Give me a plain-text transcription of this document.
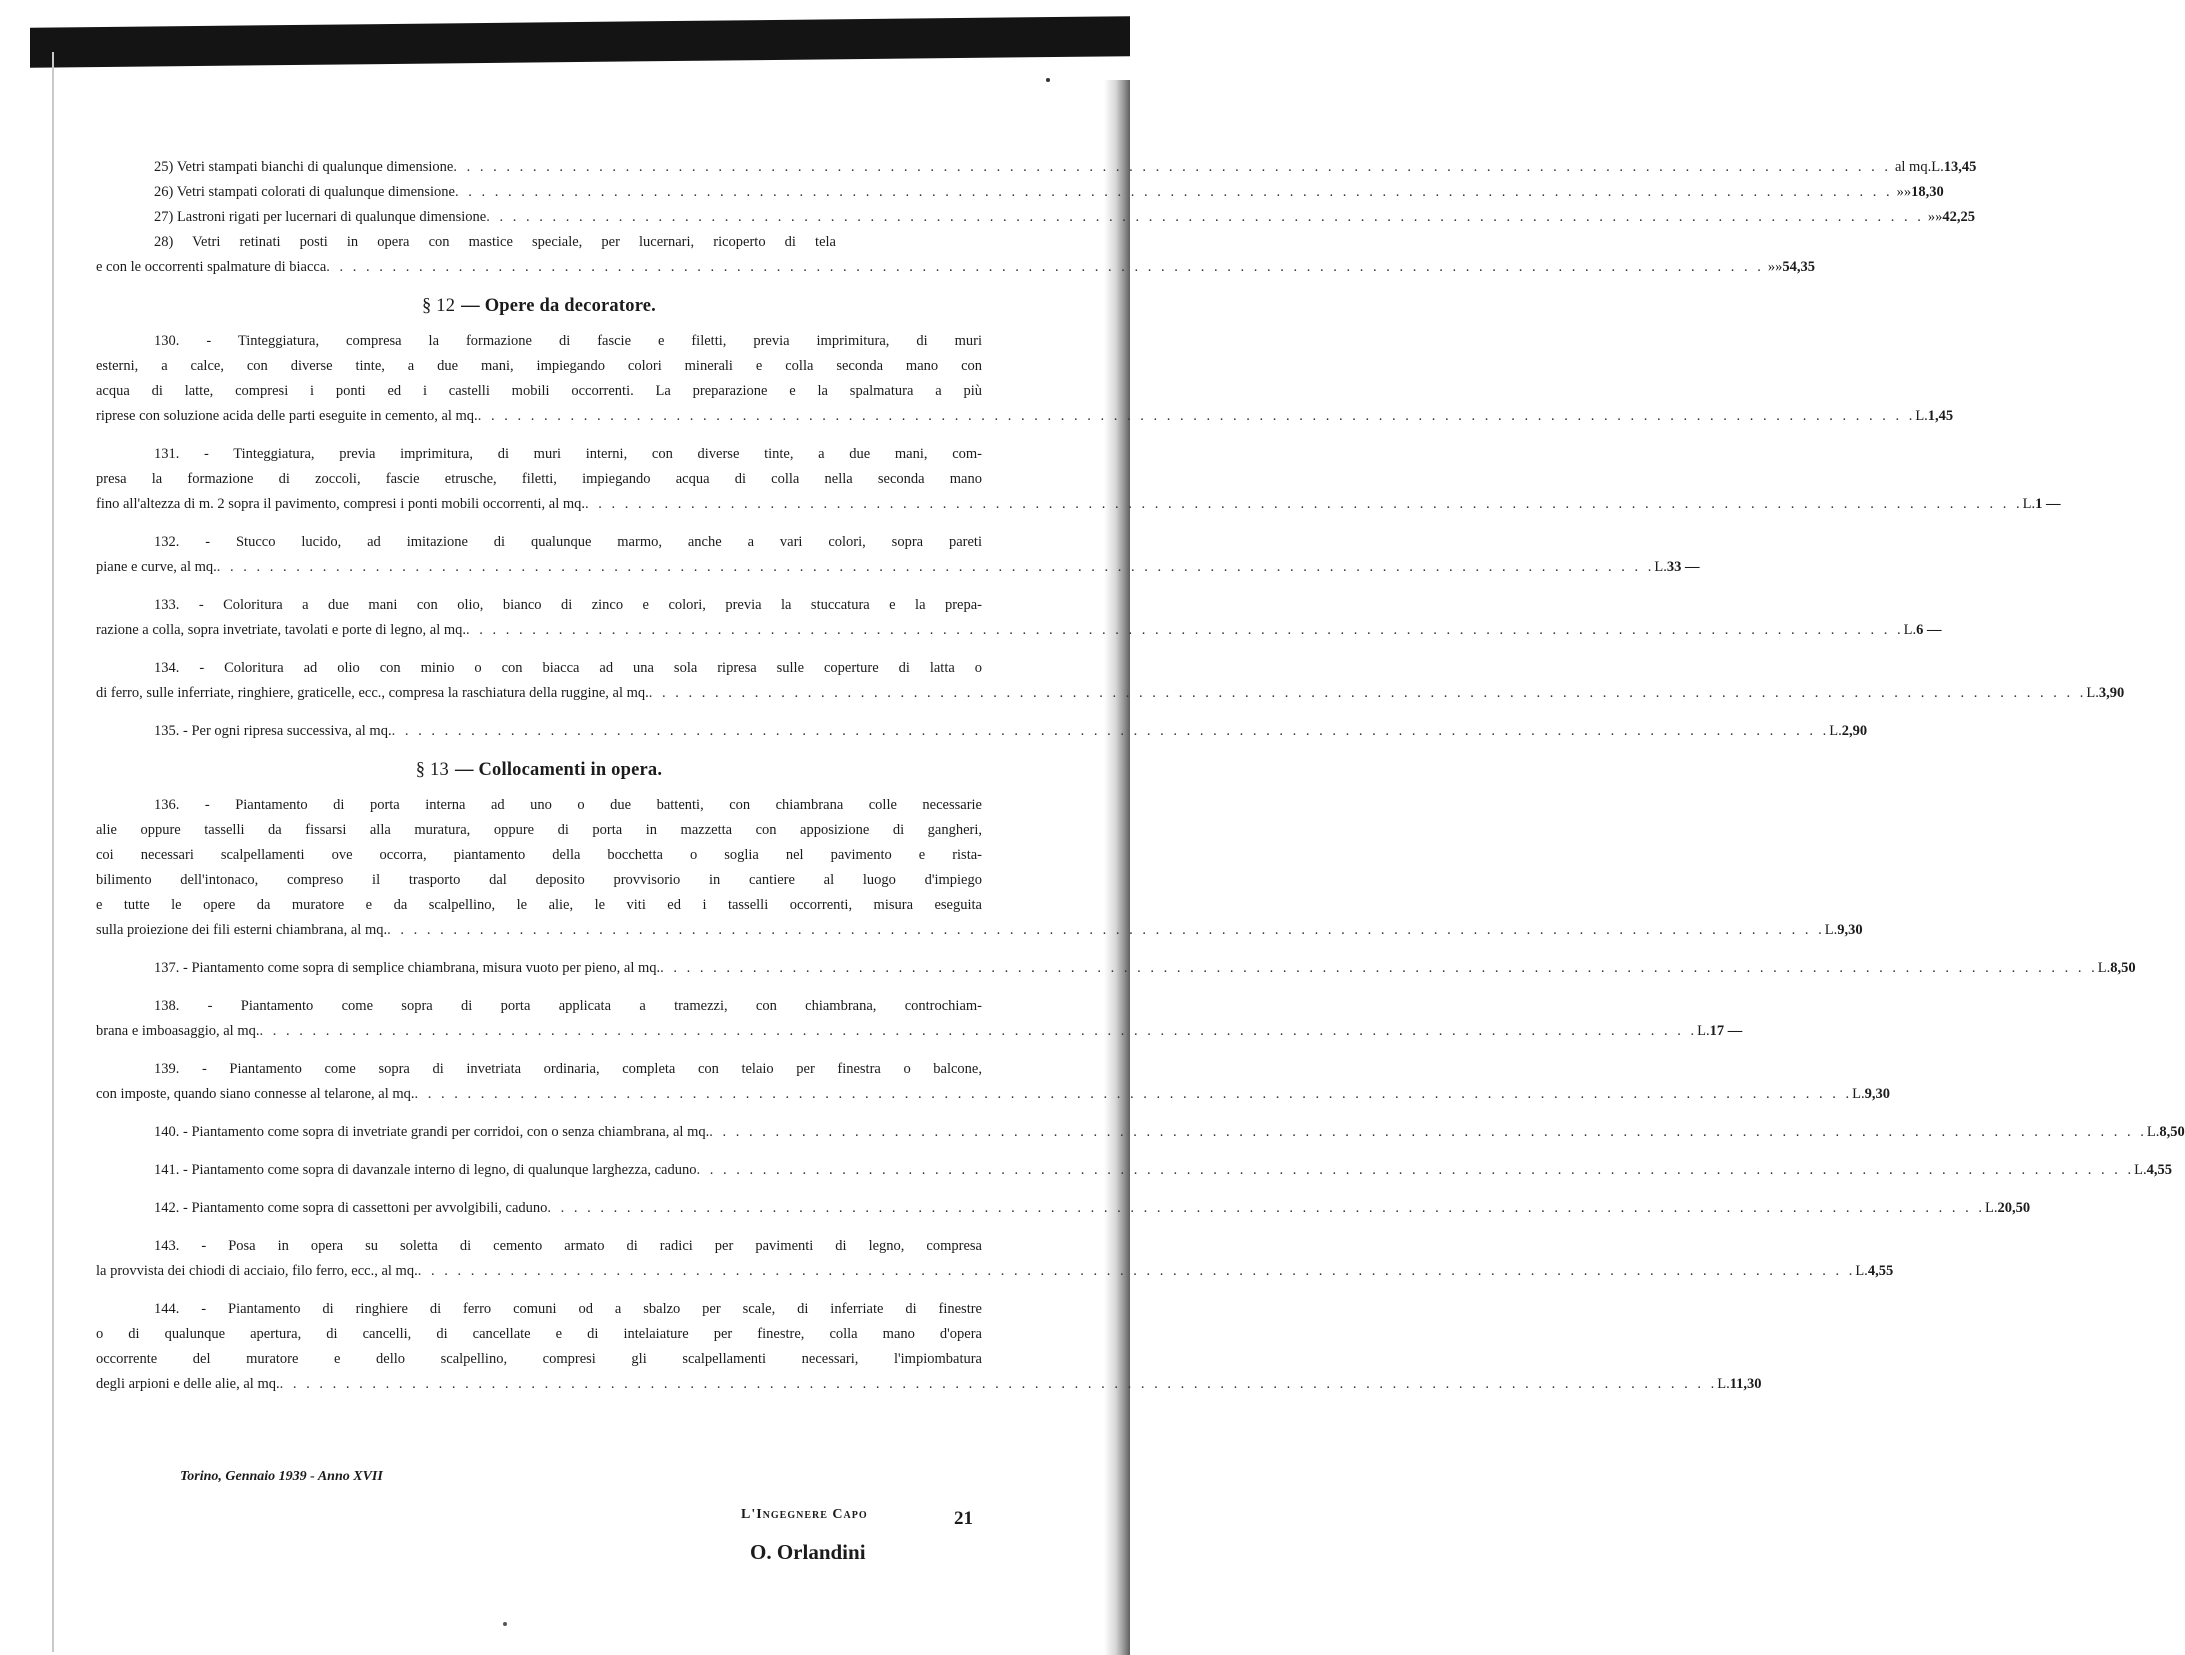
25) Vetri stampati bianchi di qualunque dimensione . . .	al mq. L. 13,45
26) Vetri stampati colorati di qualunque dimensione . . .	» » 18,30
27) Lastroni rigati per lucernari di qualunque dimensione . . .	» » 42,25
28) Vetri retinati posti in opera con mastice speciale, per lucernari, ricoperto di tela
e con le occorrenti spalmature di biacca . . .	» » 54,35
§ 12 — Opere da decoratore.
130. - Tinteggiatura, compresa la formazione di fascie e filetti, previa imprimitura, di muri
esterni, a calce, con diverse tinte, a due mani, impiegando colori minerali e colla seconda mano con
acqua di latte, compresi i ponti ed i castelli mobili occorrenti. La preparazione e la spalmatura a più
riprese con soluzione acida delle parti eseguite in cemento, al mq. . . .	L. 1,45
131. - Tinteggiatura, previa imprimitura, di muri interni, con diverse tinte, a due mani, com-
presa la formazione di zoccoli, fascie etrusche, filetti, impiegando acqua di colla nella seconda mano
fino all'altezza di m. 2 sopra il pavimento, compresi i ponti mobili occorrenti, al mq. . . .	L. 1 —
132. - Stucco lucido, ad imitazione di qualunque marmo, anche a vari colori, sopra pareti
piane e curve, al mq. . . .	L. 33 —
133. - Coloritura a due mani con olio, bianco di zinco e colori, previa la stuccatura e la prepa-
razione a colla, sopra invetriate, tavolati e porte di legno, al mq. . . .	L. 6 —
134. - Coloritura ad olio con minio o con biacca ad una sola ripresa sulle coperture di latta o
di ferro, sulle inferriate, ringhiere, graticelle, ecc., compresa la raschiatura della ruggine, al mq. . . .	L. 3,90
135. - Per ogni ripresa successiva, al mq. . . .	L. 2,90
§ 13 — Collocamenti in opera.
136. - Piantamento di porta interna ad uno o due battenti, con chiambrana colle necessarie
alie oppure tasselli da fissarsi alla muratura, oppure di porta in mazzetta con apposizione di gangheri,
coi necessari scalpellamenti ove occorra, piantamento della bocchetta o soglia nel pavimento e rista-
bilimento dell'intonaco, compreso il trasporto dal deposito provvisorio in cantiere al luogo d'impiego
e tutte le opere da muratore e da scalpellino, le alie, le viti ed i tasselli occorrenti, misura eseguita
sulla proiezione dei fili esterni chiambrana, al mq. . . .	L. 9,30
137. - Piantamento come sopra di semplice chiambrana, misura vuoto per pieno, al mq. . . .	L. 8,50
138. - Piantamento come sopra di porta applicata a tramezzi, con chiambrana, controchiam-
brana e imboasaggio, al mq. . . .	L. 17 —
139. - Piantamento come sopra di invetriata ordinaria, completa con telaio per finestra o balcone,
con imposte, quando siano connesse al telarone, al mq. . . .	L. 9,30
140. - Piantamento come sopra di invetriate grandi per corridoi, con o senza chiambrana, al mq. . . .	L. 8,50
141. - Piantamento come sopra di davanzale interno di legno, di qualunque larghezza, caduno . . .	L. 4,55
142. - Piantamento come sopra di cassettoni per avvolgibili, caduno . . .	L. 20,50
143. - Posa in opera su soletta di cemento armato di radici per pavimenti di legno, compresa
la provvista dei chiodi di acciaio, filo ferro, ecc., al mq. . . .	L. 4,55
144. - Piantamento di ringhiere di ferro comuni od a sbalzo per scale, di inferriate di finestre
o di qualunque apertura, di cancelli, di cancellate e di intelaiature per finestre, colla mano d'opera
occorrente del muratore e dello scalpellino, compresi gli scalpellamenti necessari, l'impiombatura
degli arpioni e delle alie, al mq. . . .	L. 11,30
Torino, Gennaio 1939 - Anno XVII
L'Ingegnere Capo
O. Orlandini
21
